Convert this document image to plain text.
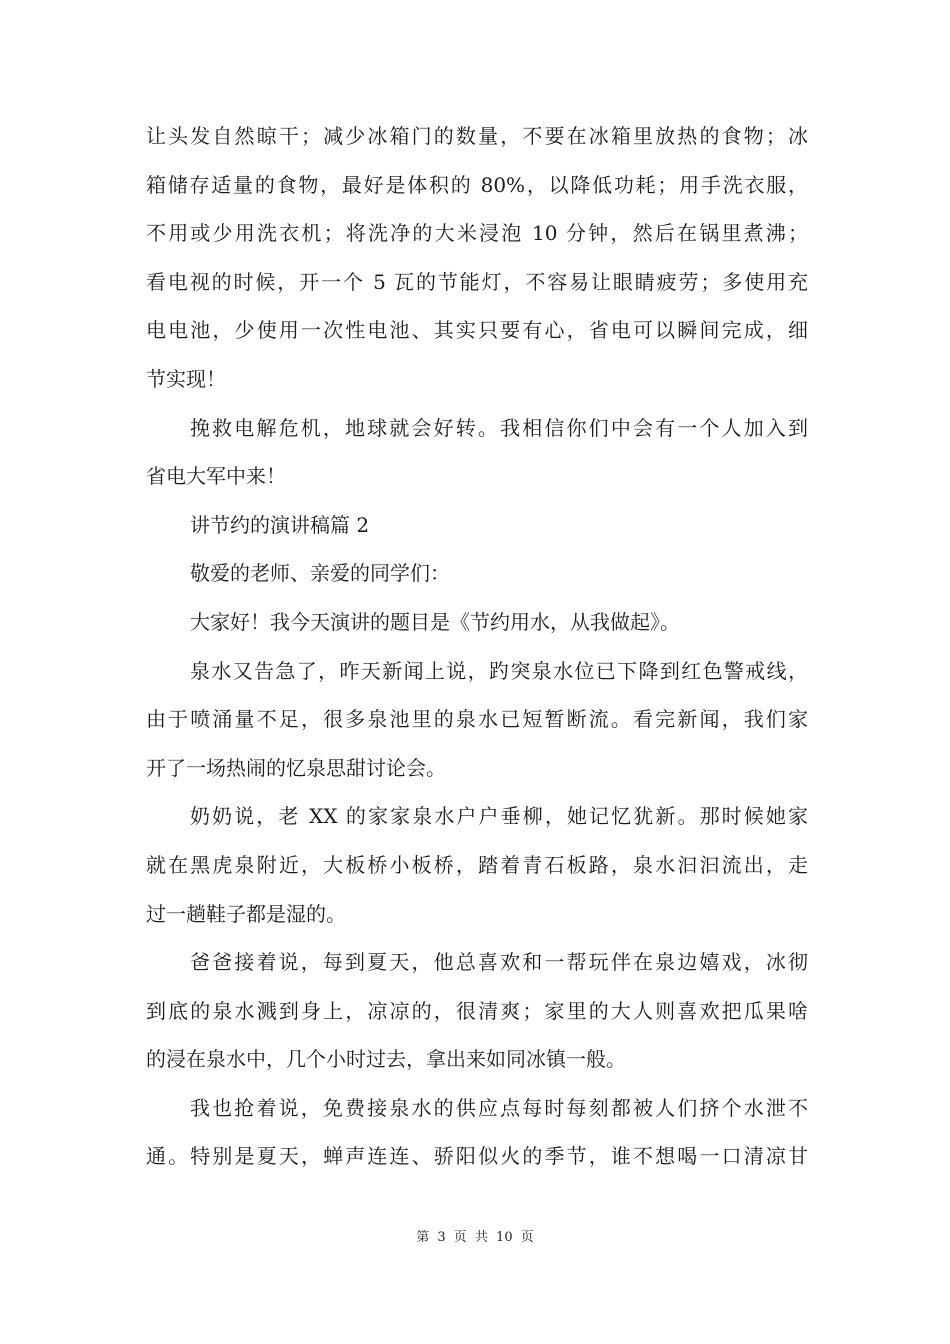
让头发自然晾干；减少冰箱门的数量，不要在冰箱里放热的食物；冰
箱储存适量的食物，最好是体积的 80%，以降低功耗；用手洗衣服，
不用或少用洗衣机；将洗净的大米浸泡 10 分钟，然后在锅里煮沸；
看电视的时候，开一个 5 瓦的节能灯，不容易让眼睛疲劳；多使用充
电电池，少使用一次性电池、其实只要有心，省电可以瞬间完成，细
节实现！
挽救电解危机，地球就会好转。我相信你们中会有一个人加入到
省电大军中来！
讲节约的演讲稿篇 2
敬爱的老师、亲爱的同学们：
大家好！我今天演讲的题目是《节约用水，从我做起》。
泉水又告急了，昨天新闻上说，趵突泉水位已下降到红色警戒线，
由于喷涌量不足，很多泉池里的泉水已短暂断流。看完新闻，我们家
开了一场热闹的忆泉思甜讨论会。
奶奶说，老 XX 的家家泉水户户垂柳，她记忆犹新。那时候她家
就在黑虎泉附近，大板桥小板桥，踏着青石板路，泉水汩汩流出，走
过一趟鞋子都是湿的。
爸爸接着说，每到夏天，他总喜欢和一帮玩伴在泉边嬉戏，冰彻
到底的泉水溅到身上，凉凉的，很清爽；家里的大人则喜欢把瓜果啥
的浸在泉水中，几个小时过去，拿出来如同冰镇一般。
我也抢着说，免费接泉水的供应点每时每刻都被人们挤个水泄不
通。特别是夏天，蝉声连连、骄阳似火的季节，谁不想喝一口清凉甘
第 3 页 共 10 页
